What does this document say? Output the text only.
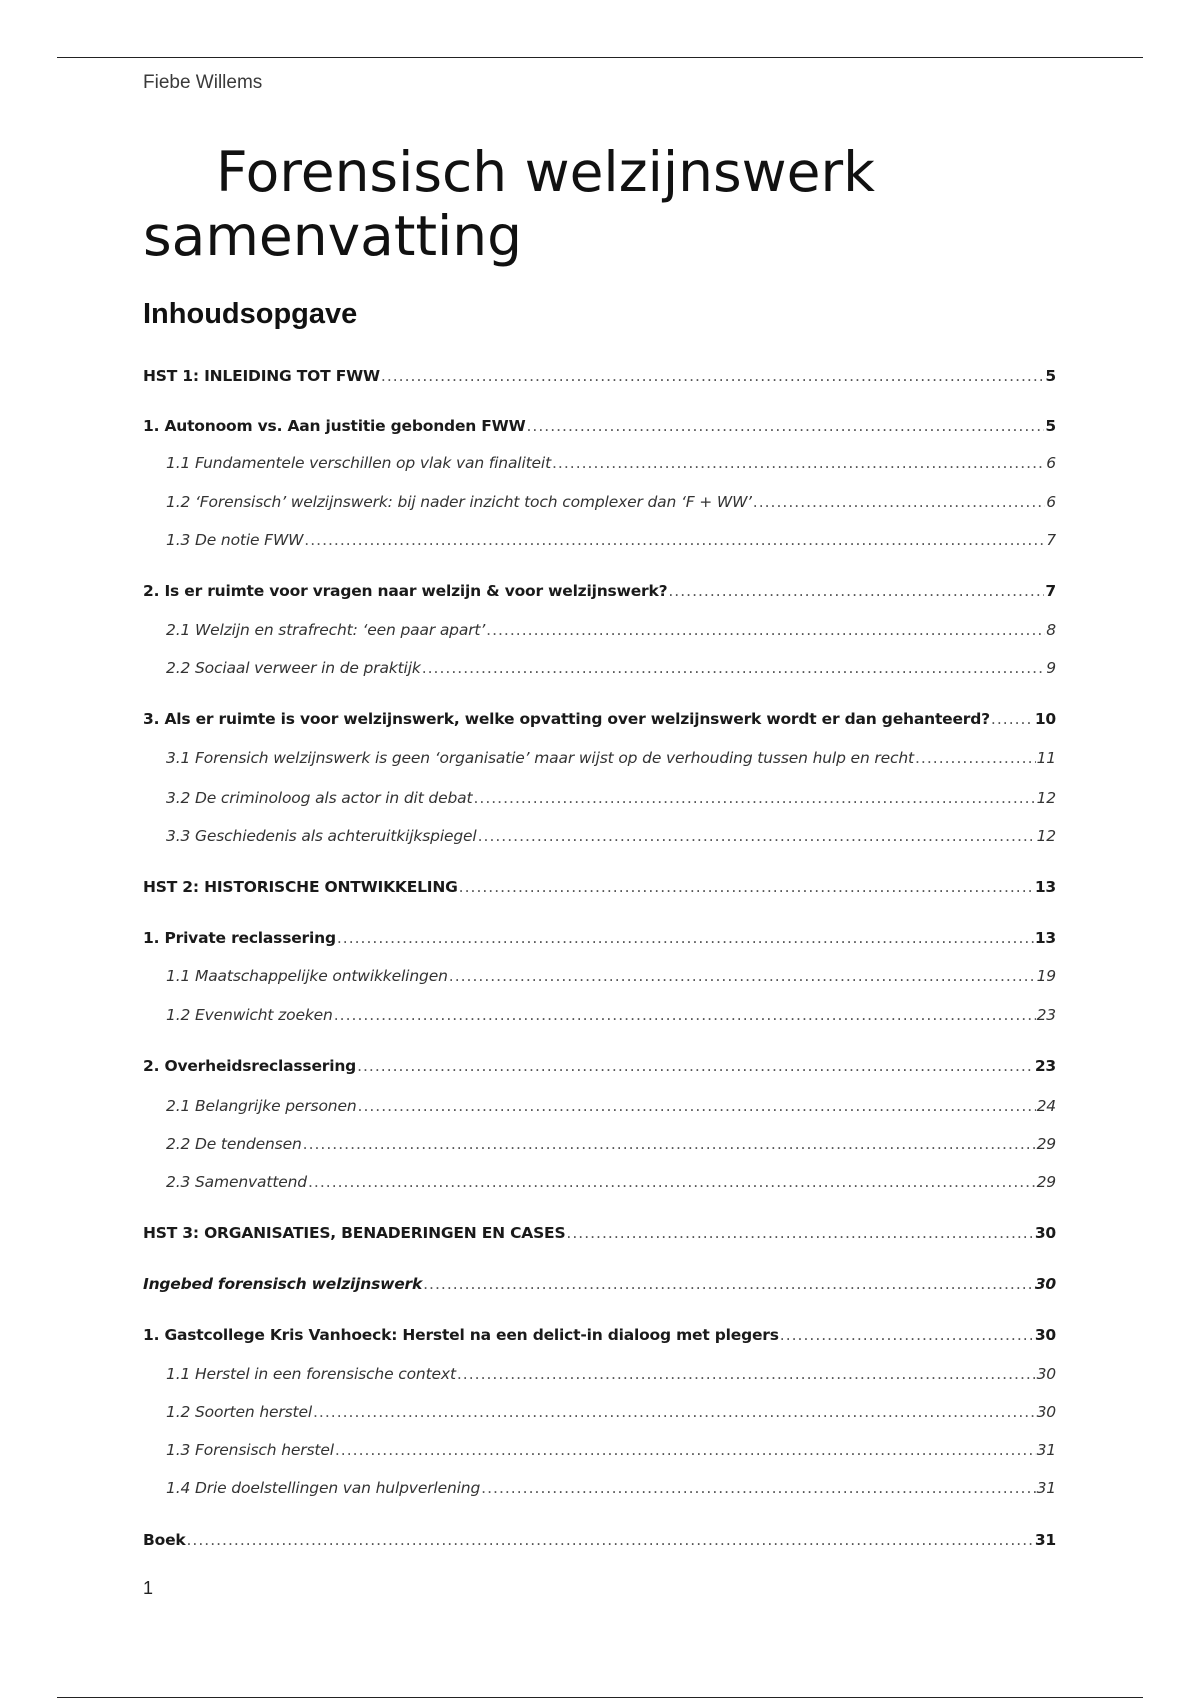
Fiebe Willems
Forensisch welzijnswerk samenvatting
Inhoudsopgave
HST 1: INLEIDING TOT FWW .....	5
1. Autonoom vs. Aan justitie gebonden FWW .....	5
1.1 Fundamentele verschillen op vlak van finaliteit .....	6
1.2 ‘Forensisch’ welzijnswerk: bij nader inzicht toch complexer dan ‘F + WW’ .....	6
1.3 De notie FWW .....	7
2. Is er ruimte voor vragen naar welzijn & voor welzijnswerk? .....	7
2.1 Welzijn en strafrecht: ‘een paar apart’ .....	8
2.2 Sociaal verweer in de praktijk .....	9
3. Als er ruimte is voor welzijnswerk, welke opvatting over welzijnswerk wordt er dan gehanteerd? .....	10
3.1 Forensich welzijnswerk is geen ‘organisatie’ maar wijst op de verhouding tussen hulp en recht .....	11
3.2 De criminoloog als actor in dit debat .....	12
3.3 Geschiedenis als achteruitkijkspiegel .....	12
HST 2: HISTORISCHE ONTWIKKELING .....	13
1. Private reclassering .....	13
1.1 Maatschappelijke ontwikkelingen .....	19
1.2 Evenwicht zoeken .....	23
2. Overheidsreclassering .....	23
2.1 Belangrijke personen .....	24
2.2 De tendensen .....	29
2.3 Samenvattend .....	29
HST 3: ORGANISATIES, BENADERINGEN EN CASES .....	30
Ingebed forensisch welzijnswerk .....	30
1. Gastcollege Kris Vanhoeck: Herstel na een delict-in dialoog met plegers .....	30
1.1 Herstel in een forensische context .....	30
1.2 Soorten herstel .....	30
1.3 Forensisch herstel .....	31
1.4 Drie doelstellingen van hulpverlening .....	31
Boek .....	31
1
